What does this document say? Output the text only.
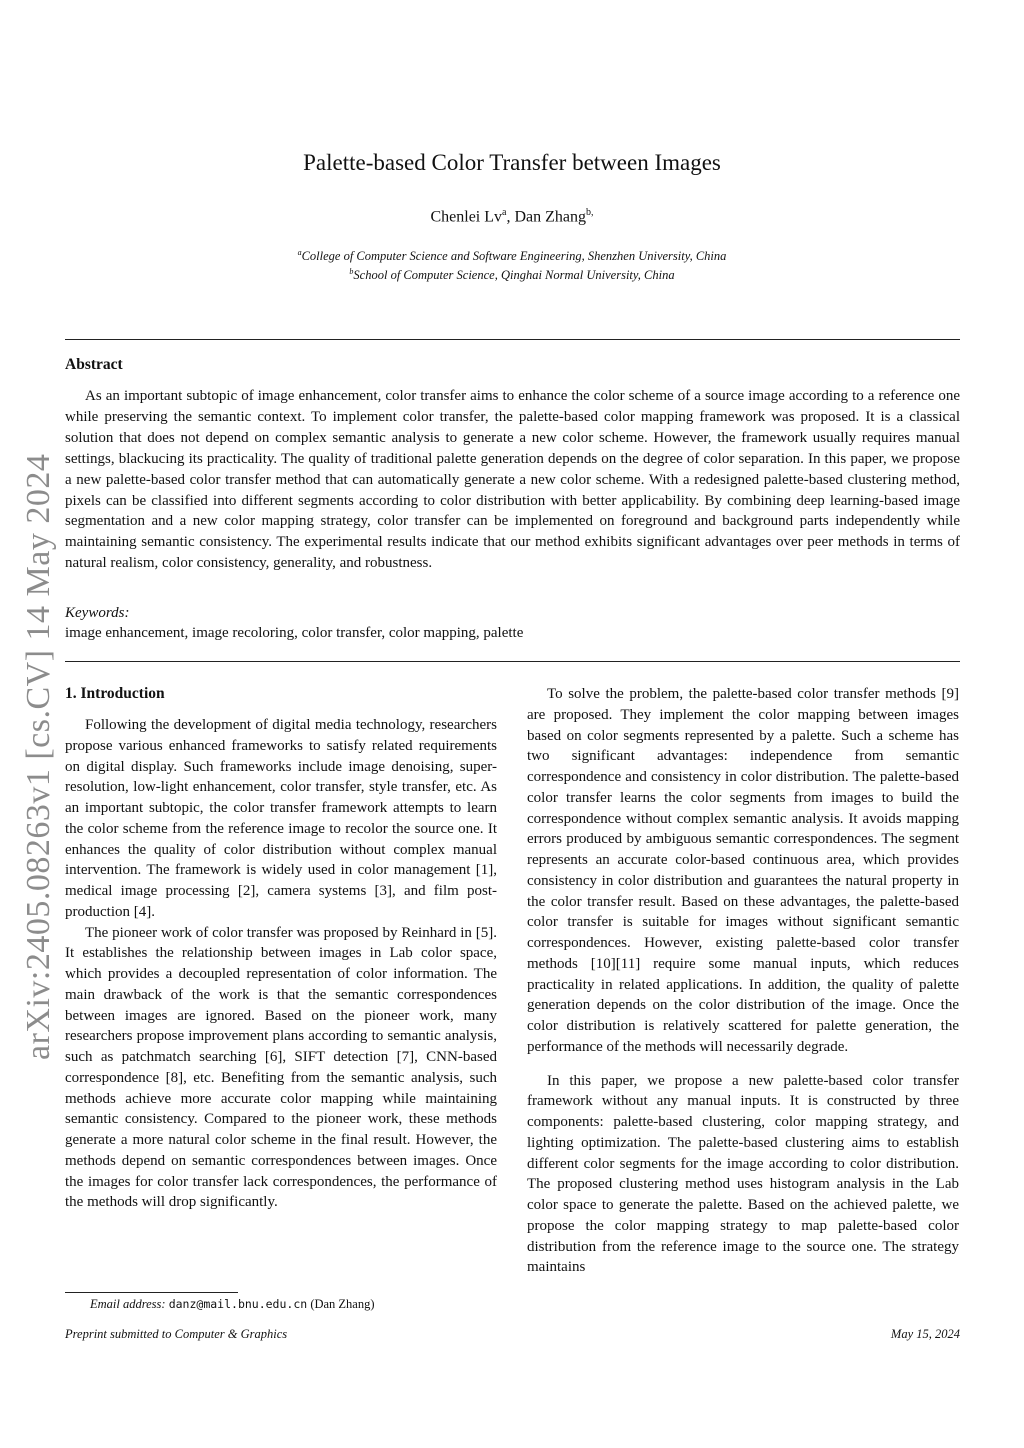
arXiv:2405.08263v1 [cs.CV] 14 May 2024
Palette-based Color Transfer between Images
Chenlei Lv$^a$, Dan Zhang$^{b,}$
$^a$College of Computer Science and Software Engineering, Shenzhen University, China
$^b$School of Computer Science, Qinghai Normal University, China
Abstract
As an important subtopic of image enhancement, color transfer aims to enhance the color scheme of a source image according to a reference one while preserving the semantic context. To implement color transfer, the palette-based color mapping framework was proposed. It is a classical solution that does not depend on complex semantic analysis to generate a new color scheme. However, the framework usually requires manual settings, blackucing its practicality. The quality of traditional palette generation depends on the degree of color separation. In this paper, we propose a new palette-based color transfer method that can automatically generate a new color scheme. With a redesigned palette-based clustering method, pixels can be classified into different segments according to color distribution with better applicability. By combining deep learning-based image segmentation and a new color mapping strategy, color transfer can be implemented on foreground and background parts independently while maintaining semantic consistency. The experimental results indicate that our method exhibits significant advantages over peer methods in terms of natural realism, color consistency, generality, and robustness.
Keywords:
image enhancement, image recoloring, color transfer, color mapping, palette
1. Introduction

Following the development of digital media technology, researchers propose various enhanced frameworks to satisfy related requirements on digital display. Such frameworks include image denoising, super-resolution, low-light enhancement, color transfer, style transfer, etc. As an important subtopic, the color transfer framework attempts to learn the color scheme from the reference image to recolor the source one. It enhances the quality of color distribution without complex manual intervention. The framework is widely used in color management [1], medical image processing [2], camera systems [3], and film post-production [4].

The pioneer work of color transfer was proposed by Reinhard in [5]. It establishes the relationship between images in Lab color space, which provides a decoupled representation of color information. The main drawback of the work is that the semantic correspondences between images are ignored. Based on the pioneer work, many researchers propose improvement plans according to semantic analysis, such as patchmatch searching [6], SIFT detection [7], CNN-based correspondence [8], etc. Benefiting from the semantic analysis, such methods achieve more accurate color mapping while maintaining semantic consistency. Compared to the pioneer work, these methods generate a more natural color scheme in the final result. However, the methods depend on semantic correspondences between images. Once the images for color transfer lack correspondences, the performance of the methods will drop significantly.

To solve the problem, the palette-based color transfer methods [9] are proposed. They implement the color mapping between images based on color segments represented by a palette. Such a scheme has two significant advantages: independence from semantic correspondence and consistency in color distribution. The palette-based color transfer learns the color segments from images to build the correspondence without complex semantic analysis. It avoids mapping errors produced by ambiguous semantic correspondences. The segment represents an accurate color-based continuous area, which provides consistency in color distribution and guarantees the natural property in the color transfer result. Based on these advantages, the palette-based color transfer is suitable for images without significant semantic correspondences. However, existing palette-based color transfer methods [10][11] require some manual inputs, which reduces practicality in related applications. In addition, the quality of palette generation depends on the color distribution of the image. Once the color distribution is relatively scattered for palette generation, the performance of the methods will necessarily degrade.

In this paper, we propose a new palette-based color transfer framework without any manual inputs. It is constructed by three components: palette-based clustering, color mapping strategy, and lighting optimization. The palette-based clustering aims to establish different color segments for the image according to color distribution. The proposed clustering method uses histogram analysis in the Lab color space to generate the palette. Based on the achieved palette, we propose the color mapping strategy to map palette-based color distribution from the reference image to the source one. The strategy maintains

Email address: danz@mail.bnu.edu.cn (Dan Zhang)
Preprint submitted to Computer & Graphics	May 15, 2024
